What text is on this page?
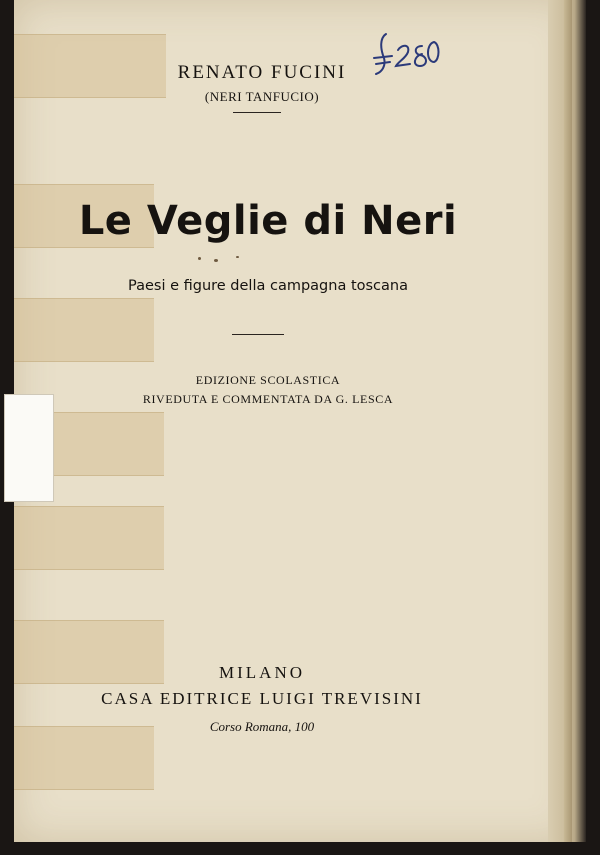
RENATO FUCINI
(NERI TANFUCIO)
Le Veglie di Neri
Paesi e figure della campagna toscana
EDIZIONE SCOLASTICA
RIVEDUTA E COMMENTATA DA G. LESCA
MILANO
CASA EDITRICE LUIGI TREVISINI
Corso Romana, 100
